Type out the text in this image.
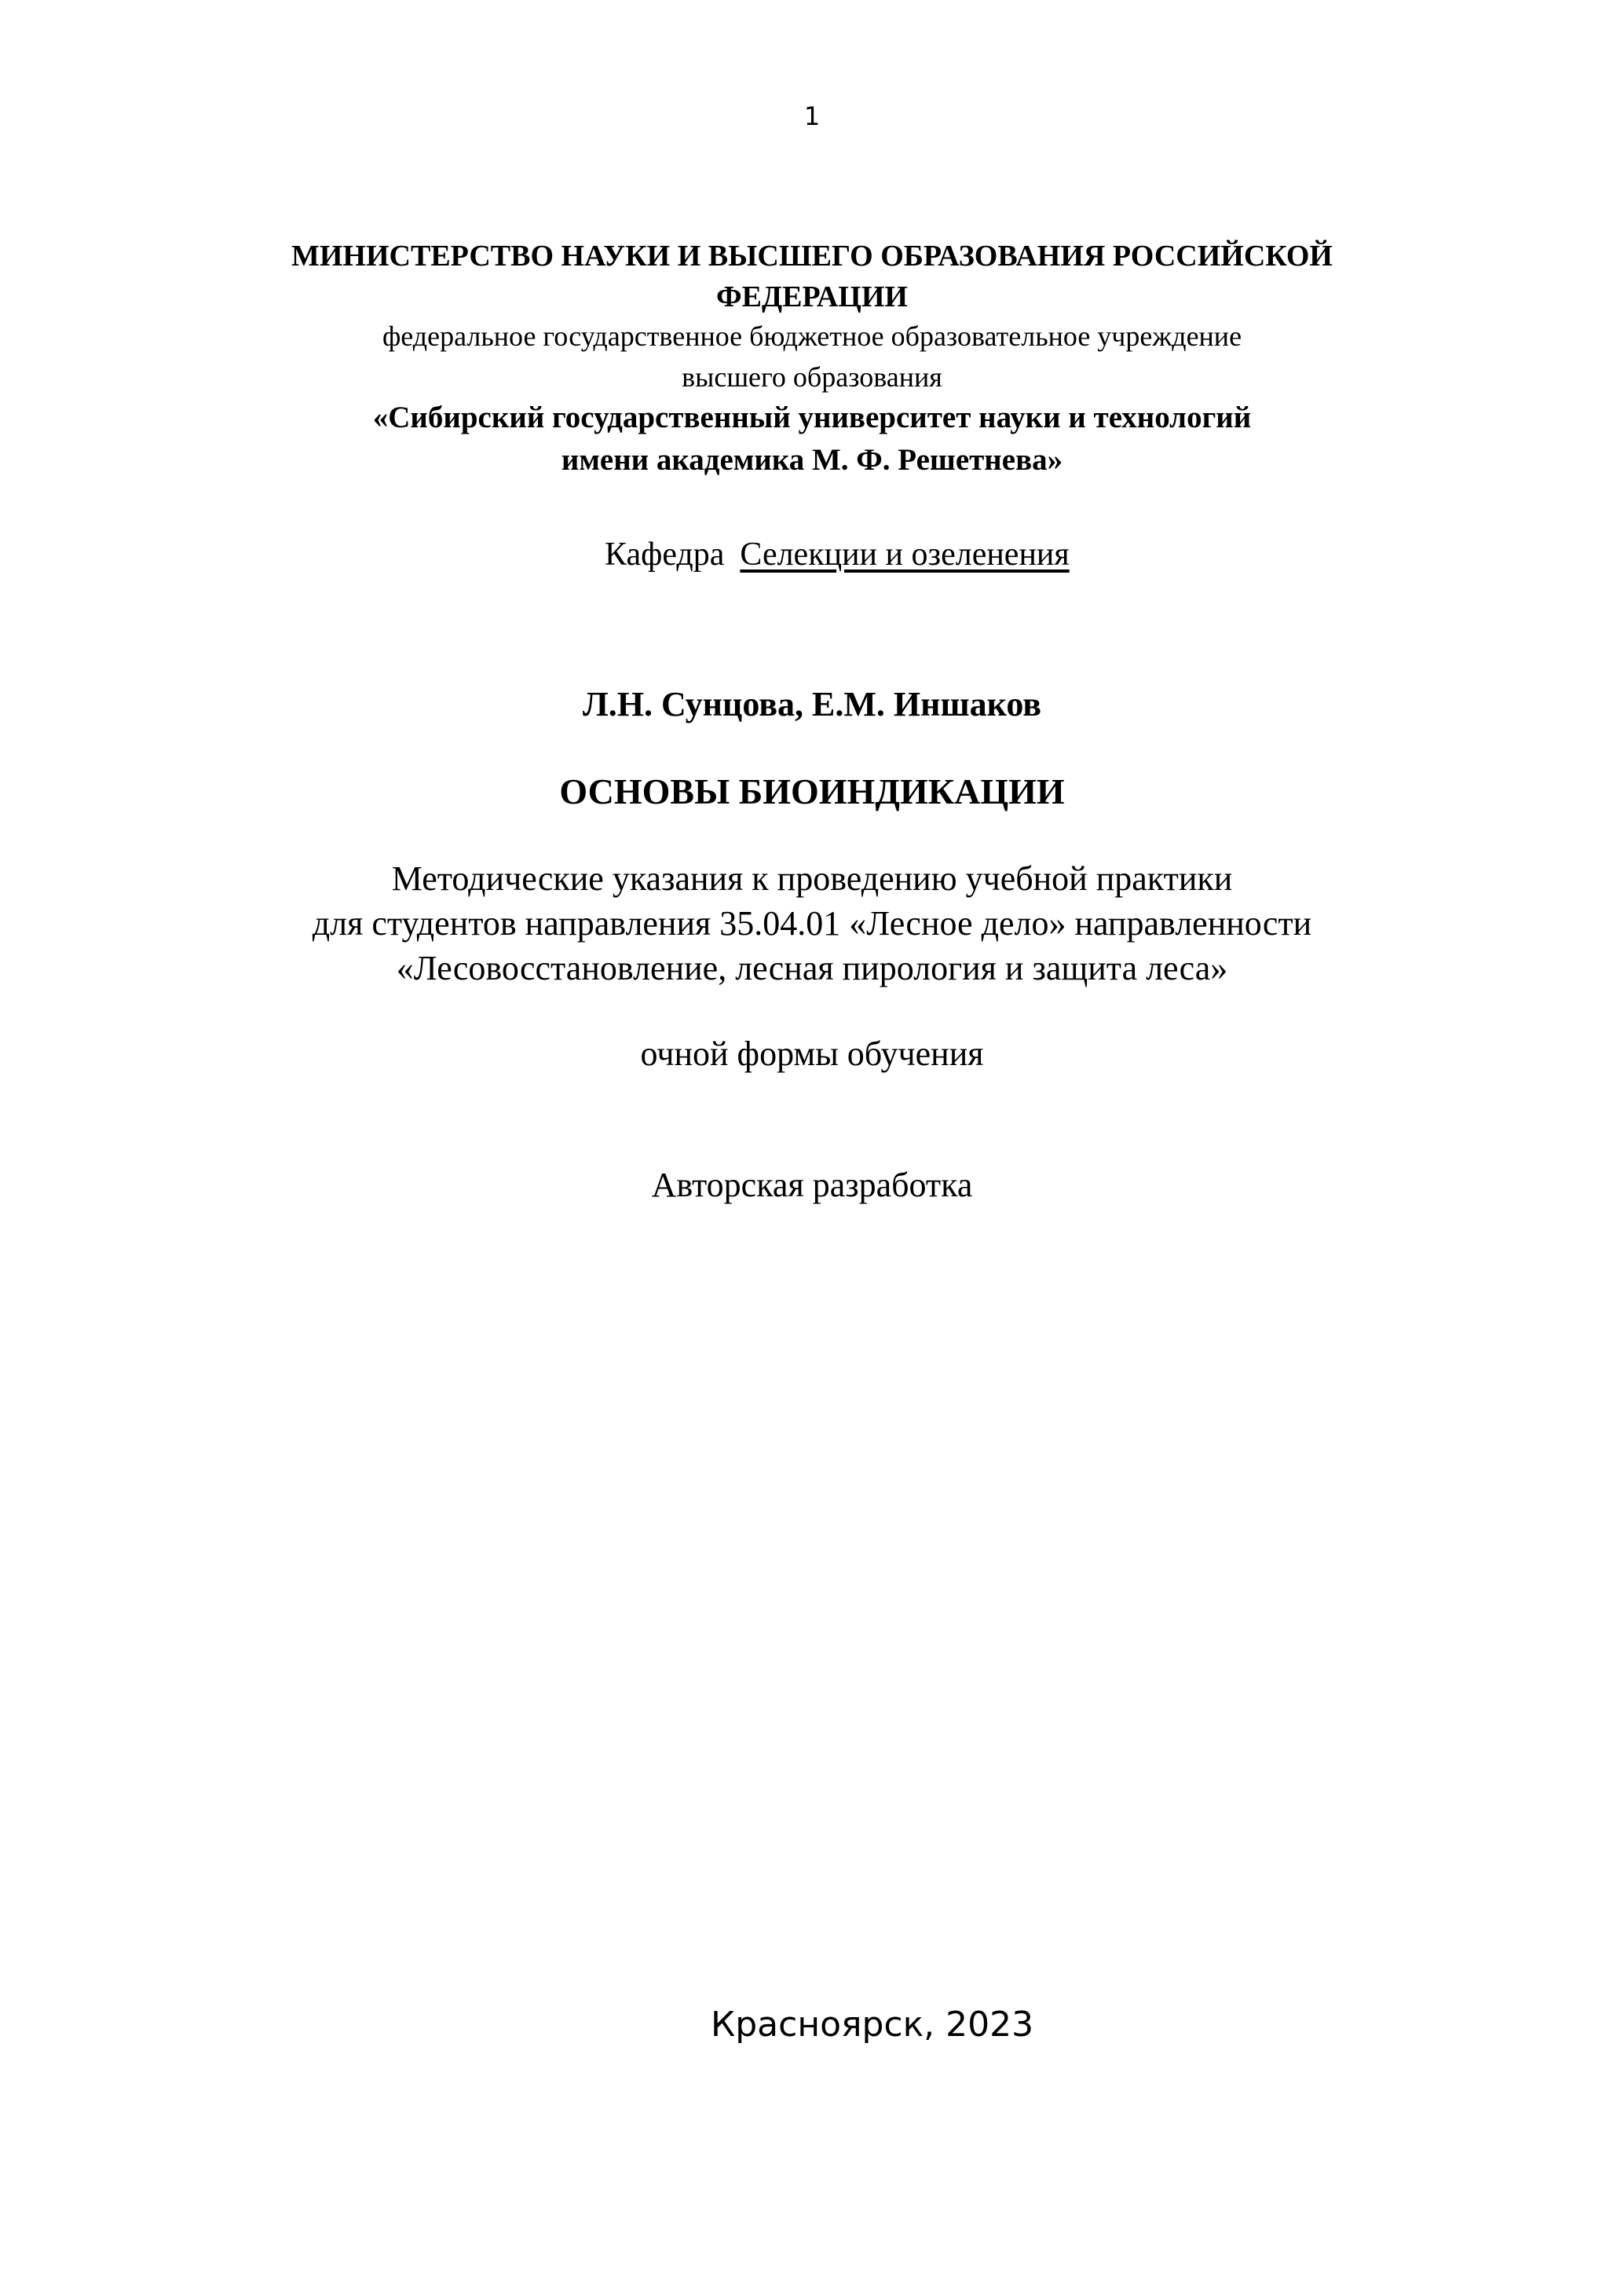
1
МИНИСТЕРСТВО НАУКИ И ВЫСШЕГО ОБРАЗОВАНИЯ РОССИЙСКОЙ
ФЕДЕРАЦИИ
федеральное государственное бюджетное образовательное учреждение
высшего образования
«Сибирский государственный университет науки и технологий
имени академика М. Ф. Решетнева»
Кафедра Селекции и озеленения
Л.Н. Сунцова, Е.М. Иншаков
ОСНОВЫ БИОИНДИКАЦИИ
Методические указания к проведению учебной практики
для студентов направления 35.04.01 «Лесное дело» направленности
«Лесовосстановление, лесная пирология и защита леса»
очной формы обучения
Авторская разработка
Красноярск, 2023
